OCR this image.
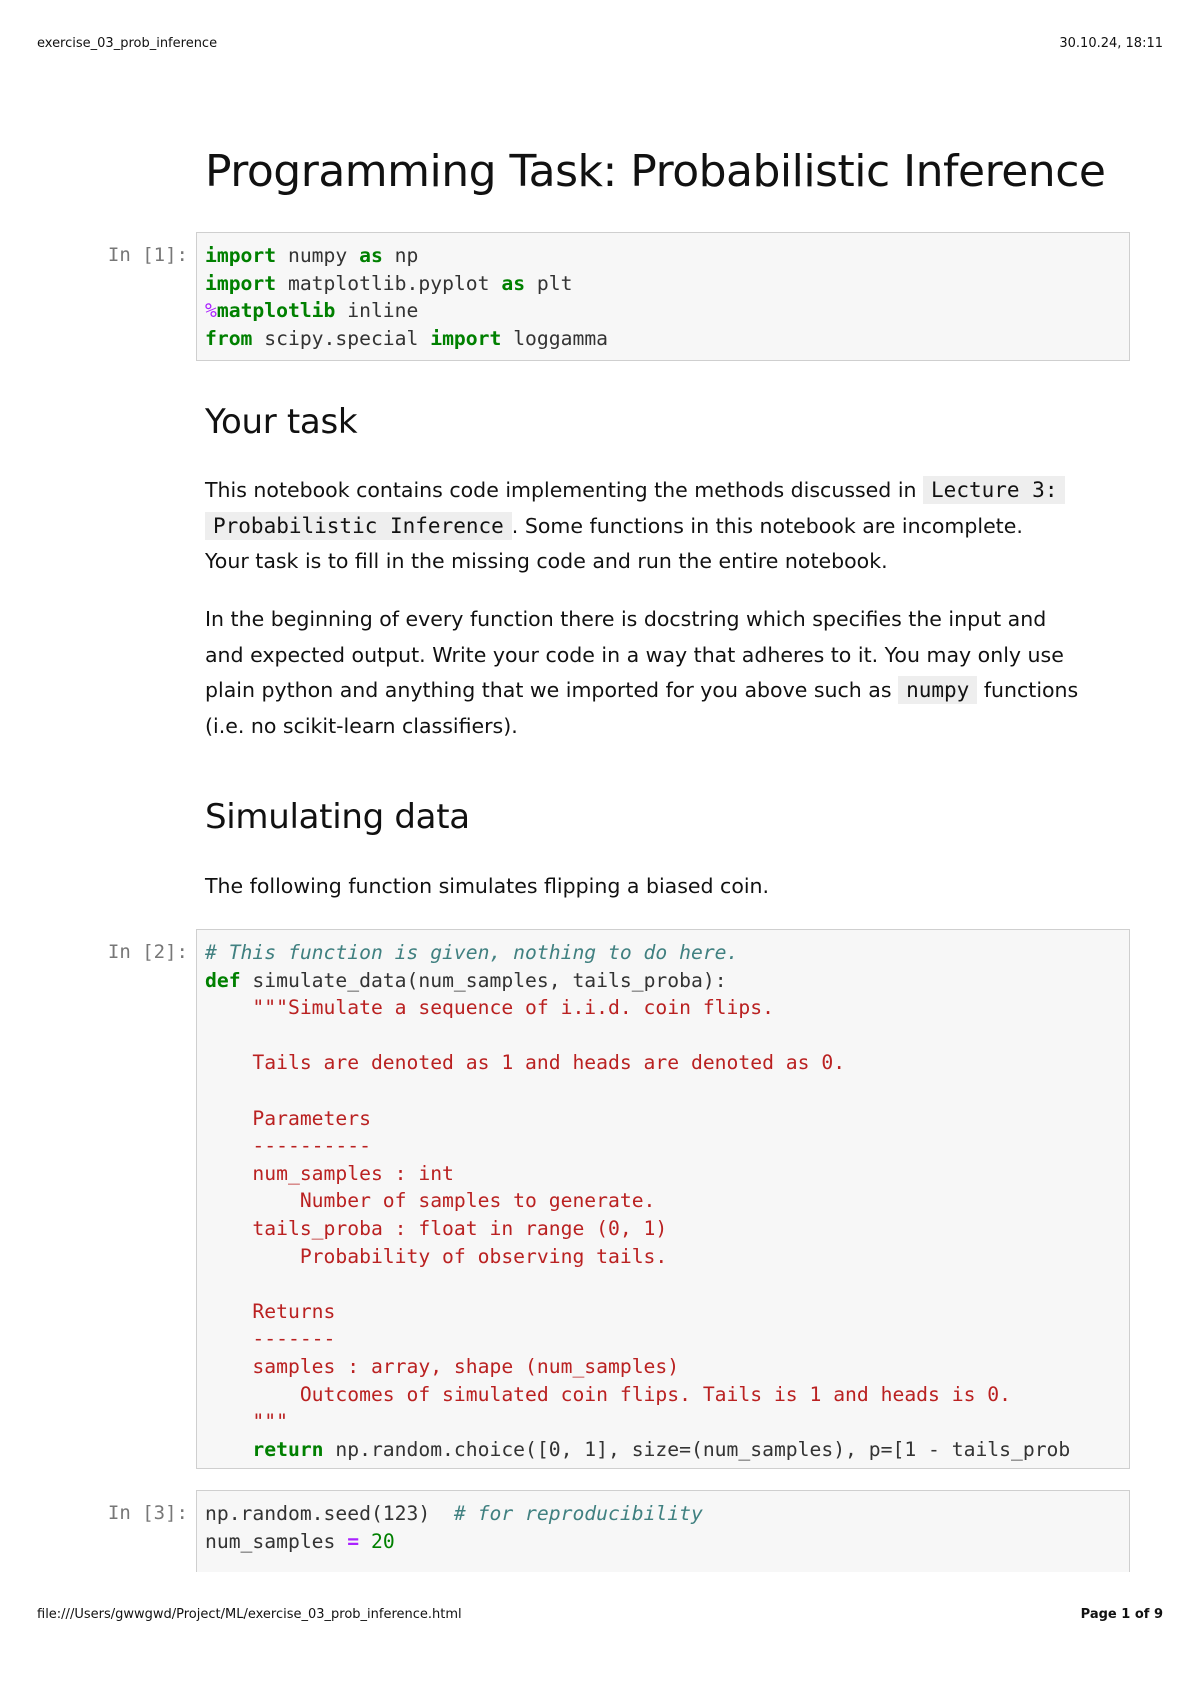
exercise_03_prob_inference	30.10.24, 18:11
Programming Task: Probabilistic Inference
In [1]: import numpy as np
import matplotlib.pyplot as plt
%matplotlib inline
from scipy.special import loggamma
Your task

This notebook contains code implementing the methods discussed in Lecture 3:
Probabilistic Inference . Some functions in this notebook are incomplete.
Your task is to fill in the missing code and run the entire notebook.

In the beginning of every function there is docstring which specifies the input and
and expected output. Write your code in a way that adheres to it. You may only use
plain python and anything that we imported for you above such as numpy functions
(i.e. no scikit-learn classifiers).

Simulating data

The following function simulates flipping a biased coin.

In [2]: # This function is given, nothing to do here.
def simulate_data(num_samples, tails_proba):
"""Simulate a sequence of i.i.d. coin flips.

Tails are denoted as 1 and heads are denoted as 0.

Parameters
----------
num_samples : int
Number of samples to generate.
tails_proba : float in range (0, 1)
Probability of observing tails.

Returns
-------
samples : array, shape (num_samples)
Outcomes of simulated coin flips. Tails is 1 and heads is 0.
"""
return np.random.choice([0, 1], size=(num_samples), p=[1 - tails_prob
In [3]: np.random.seed(123)  # for reproducibility
num_samples = 20
file:///Users/gwwgwd/Project/ML/exercise_03_prob_inference.html	Page 1 of 9
